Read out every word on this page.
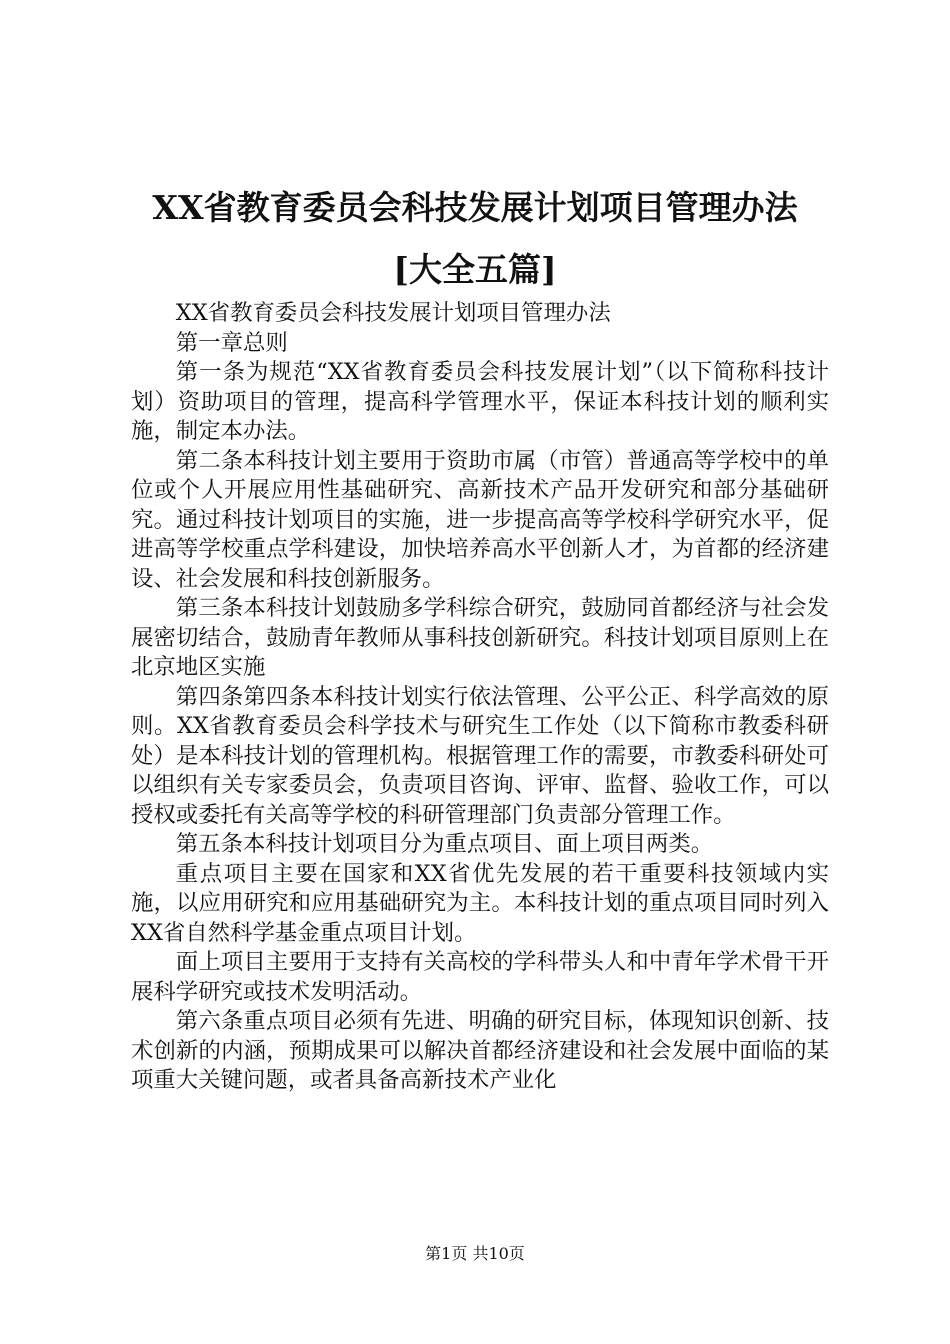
XX省教育委员会科技发展计划项目管理办法
[大全五篇]

XX省教育委员会科技发展计划项目管理办法

第一章总则

第一条为规范“XX省教育委员会科技发展计划”（以下简称科技计划）资助项目的管理，提高科学管理水平，保证本科技计划的顺利实施，制定本办法。

第二条本科技计划主要用于资助市属（市管）普通高等学校中的单位或个人开展应用性基础研究、高新技术产品开发研究和部分基础研究。通过科技计划项目的实施，进一步提高高等学校科学研究水平，促进高等学校重点学科建设，加快培养高水平创新人才，为首都的经济建设、社会发展和科技创新服务。

第三条本科技计划鼓励多学科综合研究，鼓励同首都经济与社会发展密切结合，鼓励青年教师从事科技创新研究。科技计划项目原则上在北京地区实施

第四条第四条本科技计划实行依法管理、公平公正、科学高效的原则。XX省教育委员会科学技术与研究生工作处（以下简称市教委科研处）是本科技计划的管理机构。根据管理工作的需要，市教委科研处可以组织有关专家委员会，负责项目咨询、评审、监督、验收工作，可以授权或委托有关高等学校的科研管理部门负责部分管理工作。

第五条本科技计划项目分为重点项目、面上项目两类。

重点项目主要在国家和XX省优先发展的若干重要科技领域内实施，以应用研究和应用基础研究为主。本科技计划的重点项目同时列入XX省自然科学基金重点项目计划。

面上项目主要用于支持有关高校的学科带头人和中青年学术骨干开展科学研究或技术发明活动。

第六条重点项目必须有先进、明确的研究目标，体现知识创新、技术创新的内涵，预期成果可以解决首都经济建设和社会发展中面临的某项重大关键问题，或者具备高新技术产业化

第1页 共10页
